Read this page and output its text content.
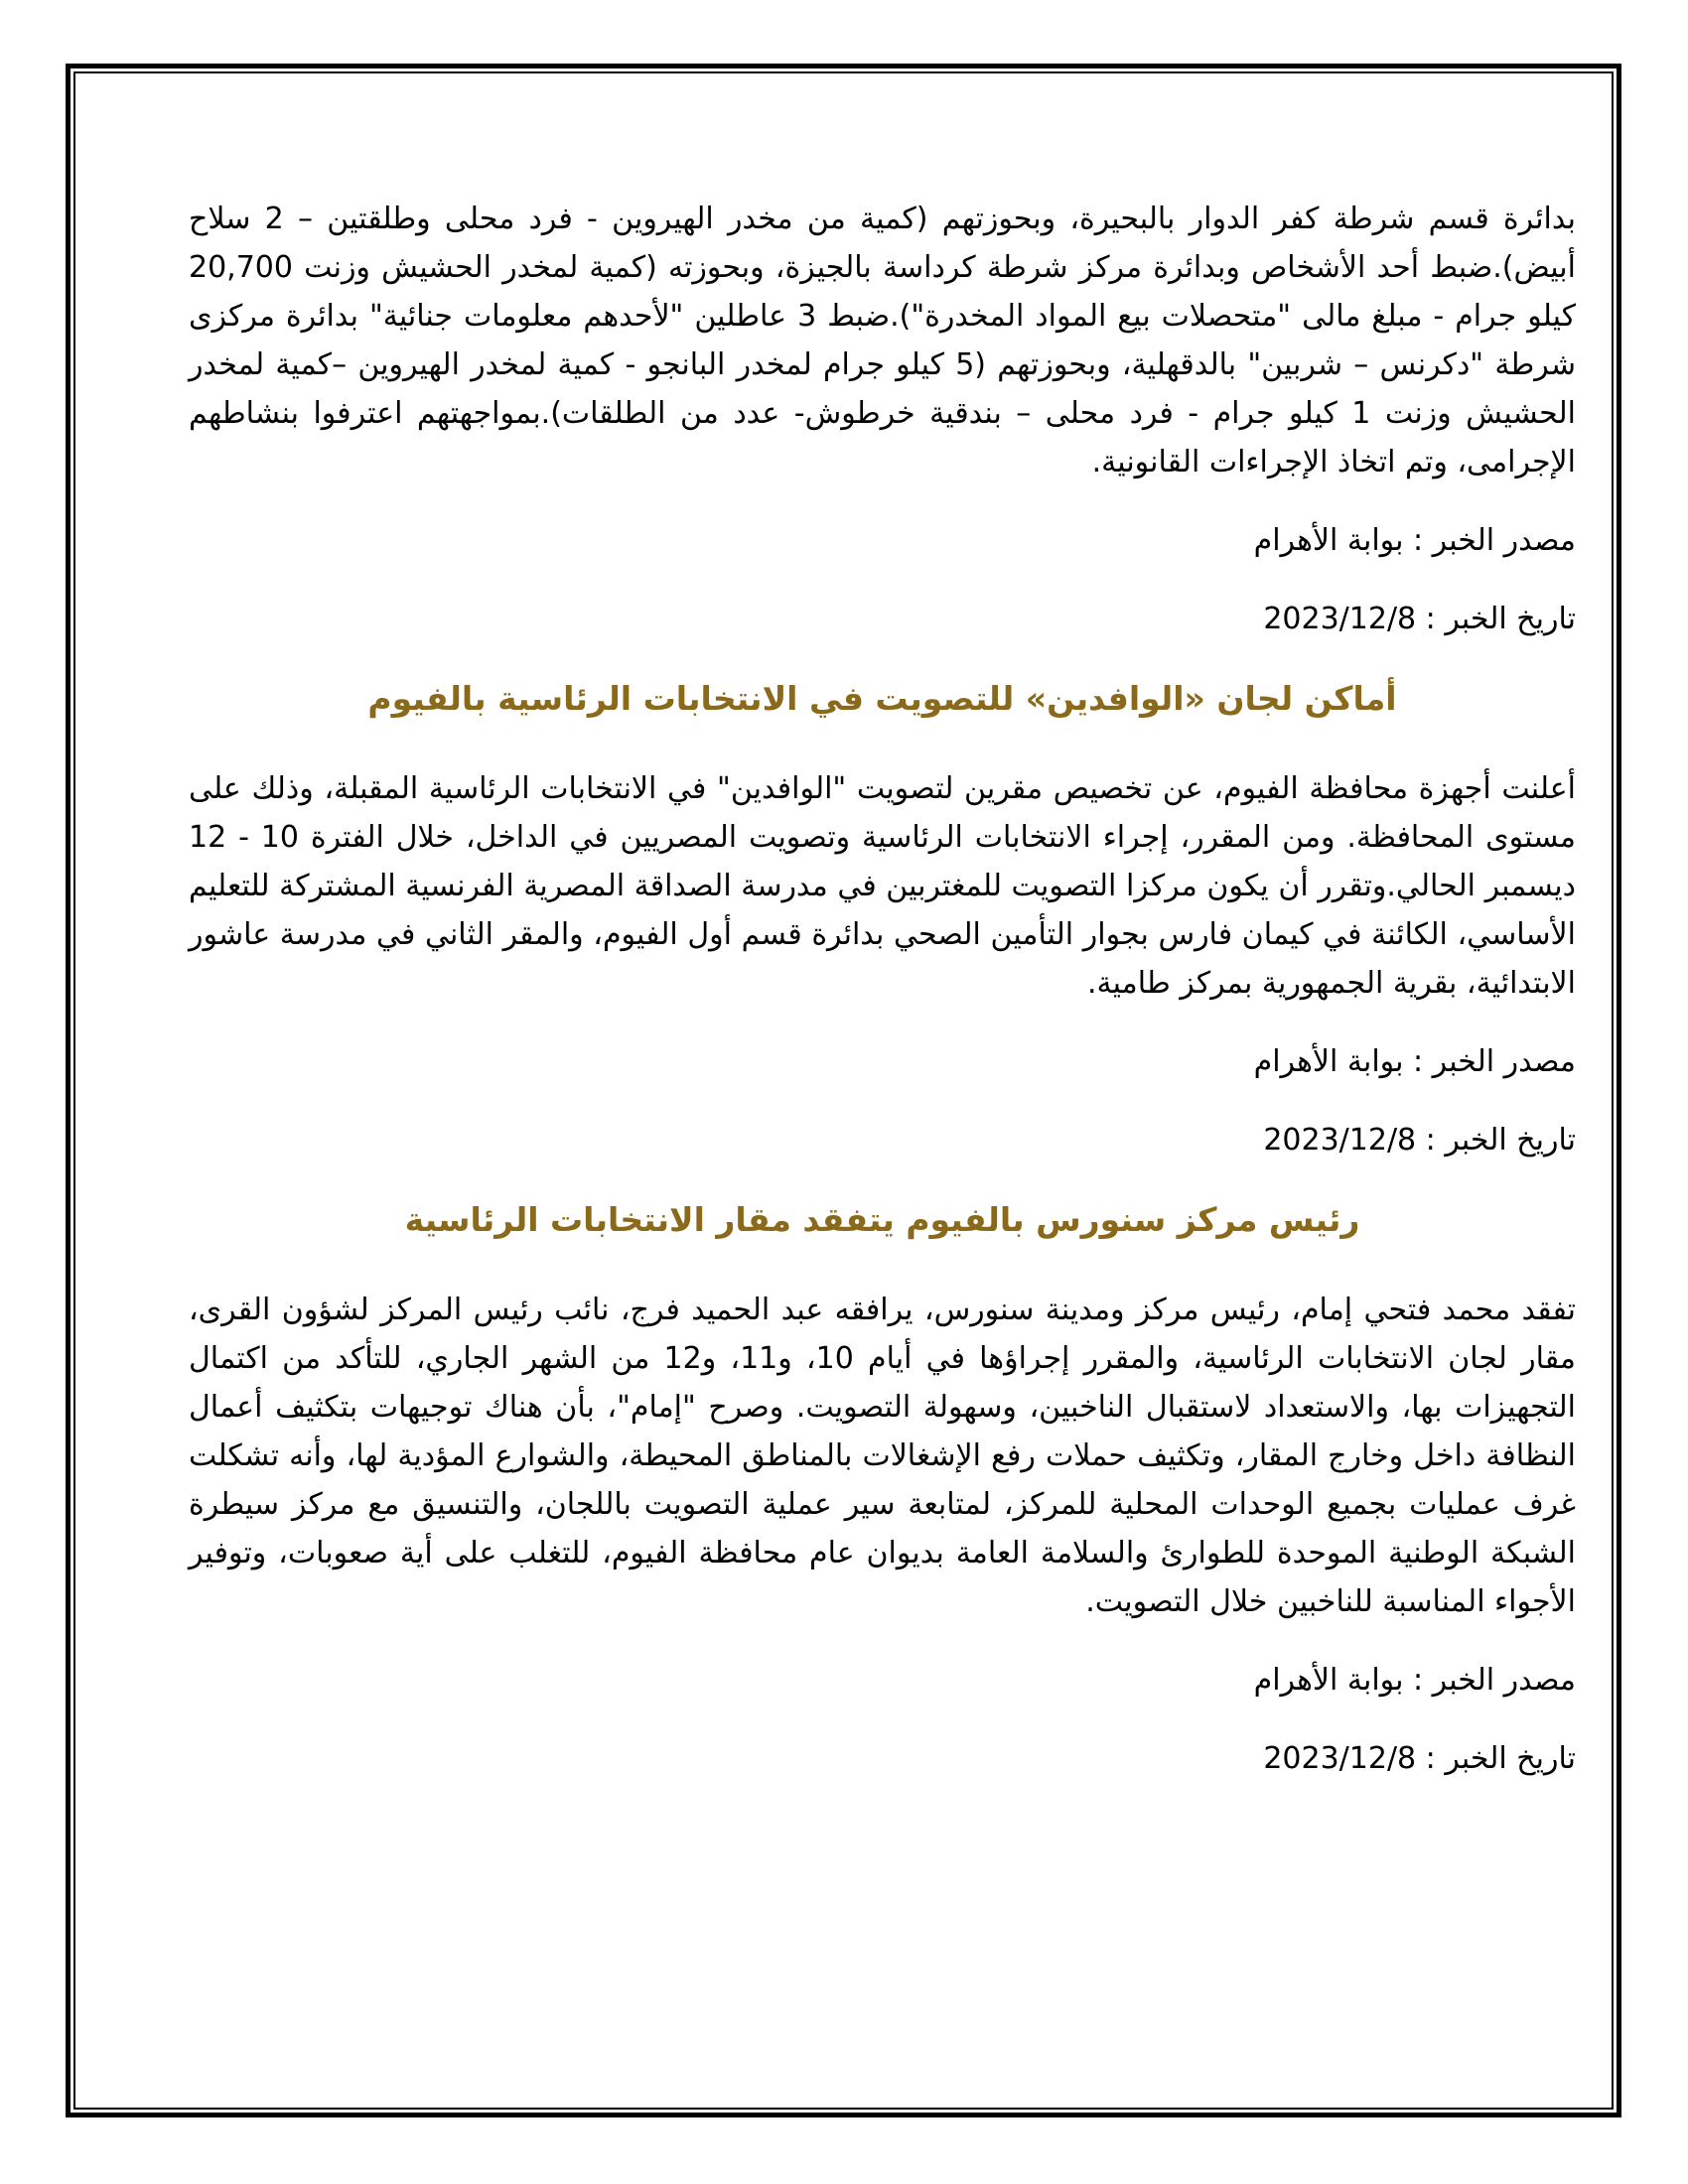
بدائرة قسم شرطة كفر الدوار بالبحيرة، وبحوزتهم (كمية من مخدر الهيروين - فرد محلى وطلقتين – 2 سلاح أبيض).ضبط أحد الأشخاص وبدائرة مركز شرطة كرداسة بالجيزة، وبحوزته (كمية لمخدر الحشيش وزنت 20,700 كيلو جرام - مبلغ مالى "متحصلات بيع المواد المخدرة").ضبط 3 عاطلين "لأحدهم معلومات جنائية" بدائرة مركزى شرطة "دكرنس – شربين" بالدقهلية، وبحوزتهم (5 كيلو جرام لمخدر البانجو - كمية لمخدر الهيروين –كمية لمخدر الحشيش وزنت 1 كيلو جرام - فرد محلى – بندقية خرطوش- عدد من الطلقات).بمواجهتهم اعترفوا بنشاطهم الإجرامى، وتم اتخاذ الإجراءات القانونية.

مصدر الخبر : بوابة الأهرام

تاريخ الخبر : 2023/12/8

أماكن لجان «الوافدين» للتصويت في الانتخابات الرئاسية بالفيوم

أعلنت أجهزة محافظة الفيوم، عن تخصيص مقرين لتصويت "الوافدين" في الانتخابات الرئاسية المقبلة، وذلك على مستوى المحافظة. ومن المقرر، إجراء الانتخابات الرئاسية وتصويت المصريين في الداخل، خلال الفترة 10 - 12 ديسمبر الحالي.وتقرر أن يكون مركزا التصويت للمغتربين في مدرسة الصداقة المصرية الفرنسية المشتركة للتعليم الأساسي، الكائنة في كيمان فارس بجوار التأمين الصحي بدائرة قسم أول الفيوم، والمقر الثاني في مدرسة عاشور الابتدائية، بقرية الجمهورية بمركز طامية.

مصدر الخبر : بوابة الأهرام

تاريخ الخبر : 2023/12/8

رئيس مركز سنورس بالفيوم يتفقد مقار الانتخابات الرئاسية

تفقد محمد فتحي إمام، رئيس مركز ومدينة سنورس، يرافقه عبد الحميد فرج، نائب رئيس المركز لشؤون القرى، مقار لجان الانتخابات الرئاسية، والمقرر إجراؤها في أيام 10، و11، و12 من الشهر الجاري، للتأكد من اكتمال التجهيزات بها، والاستعداد لاستقبال الناخبين، وسهولة التصويت. وصرح "إمام"، بأن هناك توجيهات بتكثيف أعمال النظافة داخل وخارج المقار، وتكثيف حملات رفع الإشغالات بالمناطق المحيطة، والشوارع المؤدية لها، وأنه تشكلت غرف عمليات بجميع الوحدات المحلية للمركز، لمتابعة سير عملية التصويت باللجان، والتنسيق مع مركز سيطرة الشبكة الوطنية الموحدة للطوارئ والسلامة العامة بديوان عام محافظة الفيوم، للتغلب على أية صعوبات، وتوفير الأجواء المناسبة للناخبين خلال التصويت.

مصدر الخبر : بوابة الأهرام

تاريخ الخبر : 2023/12/8
